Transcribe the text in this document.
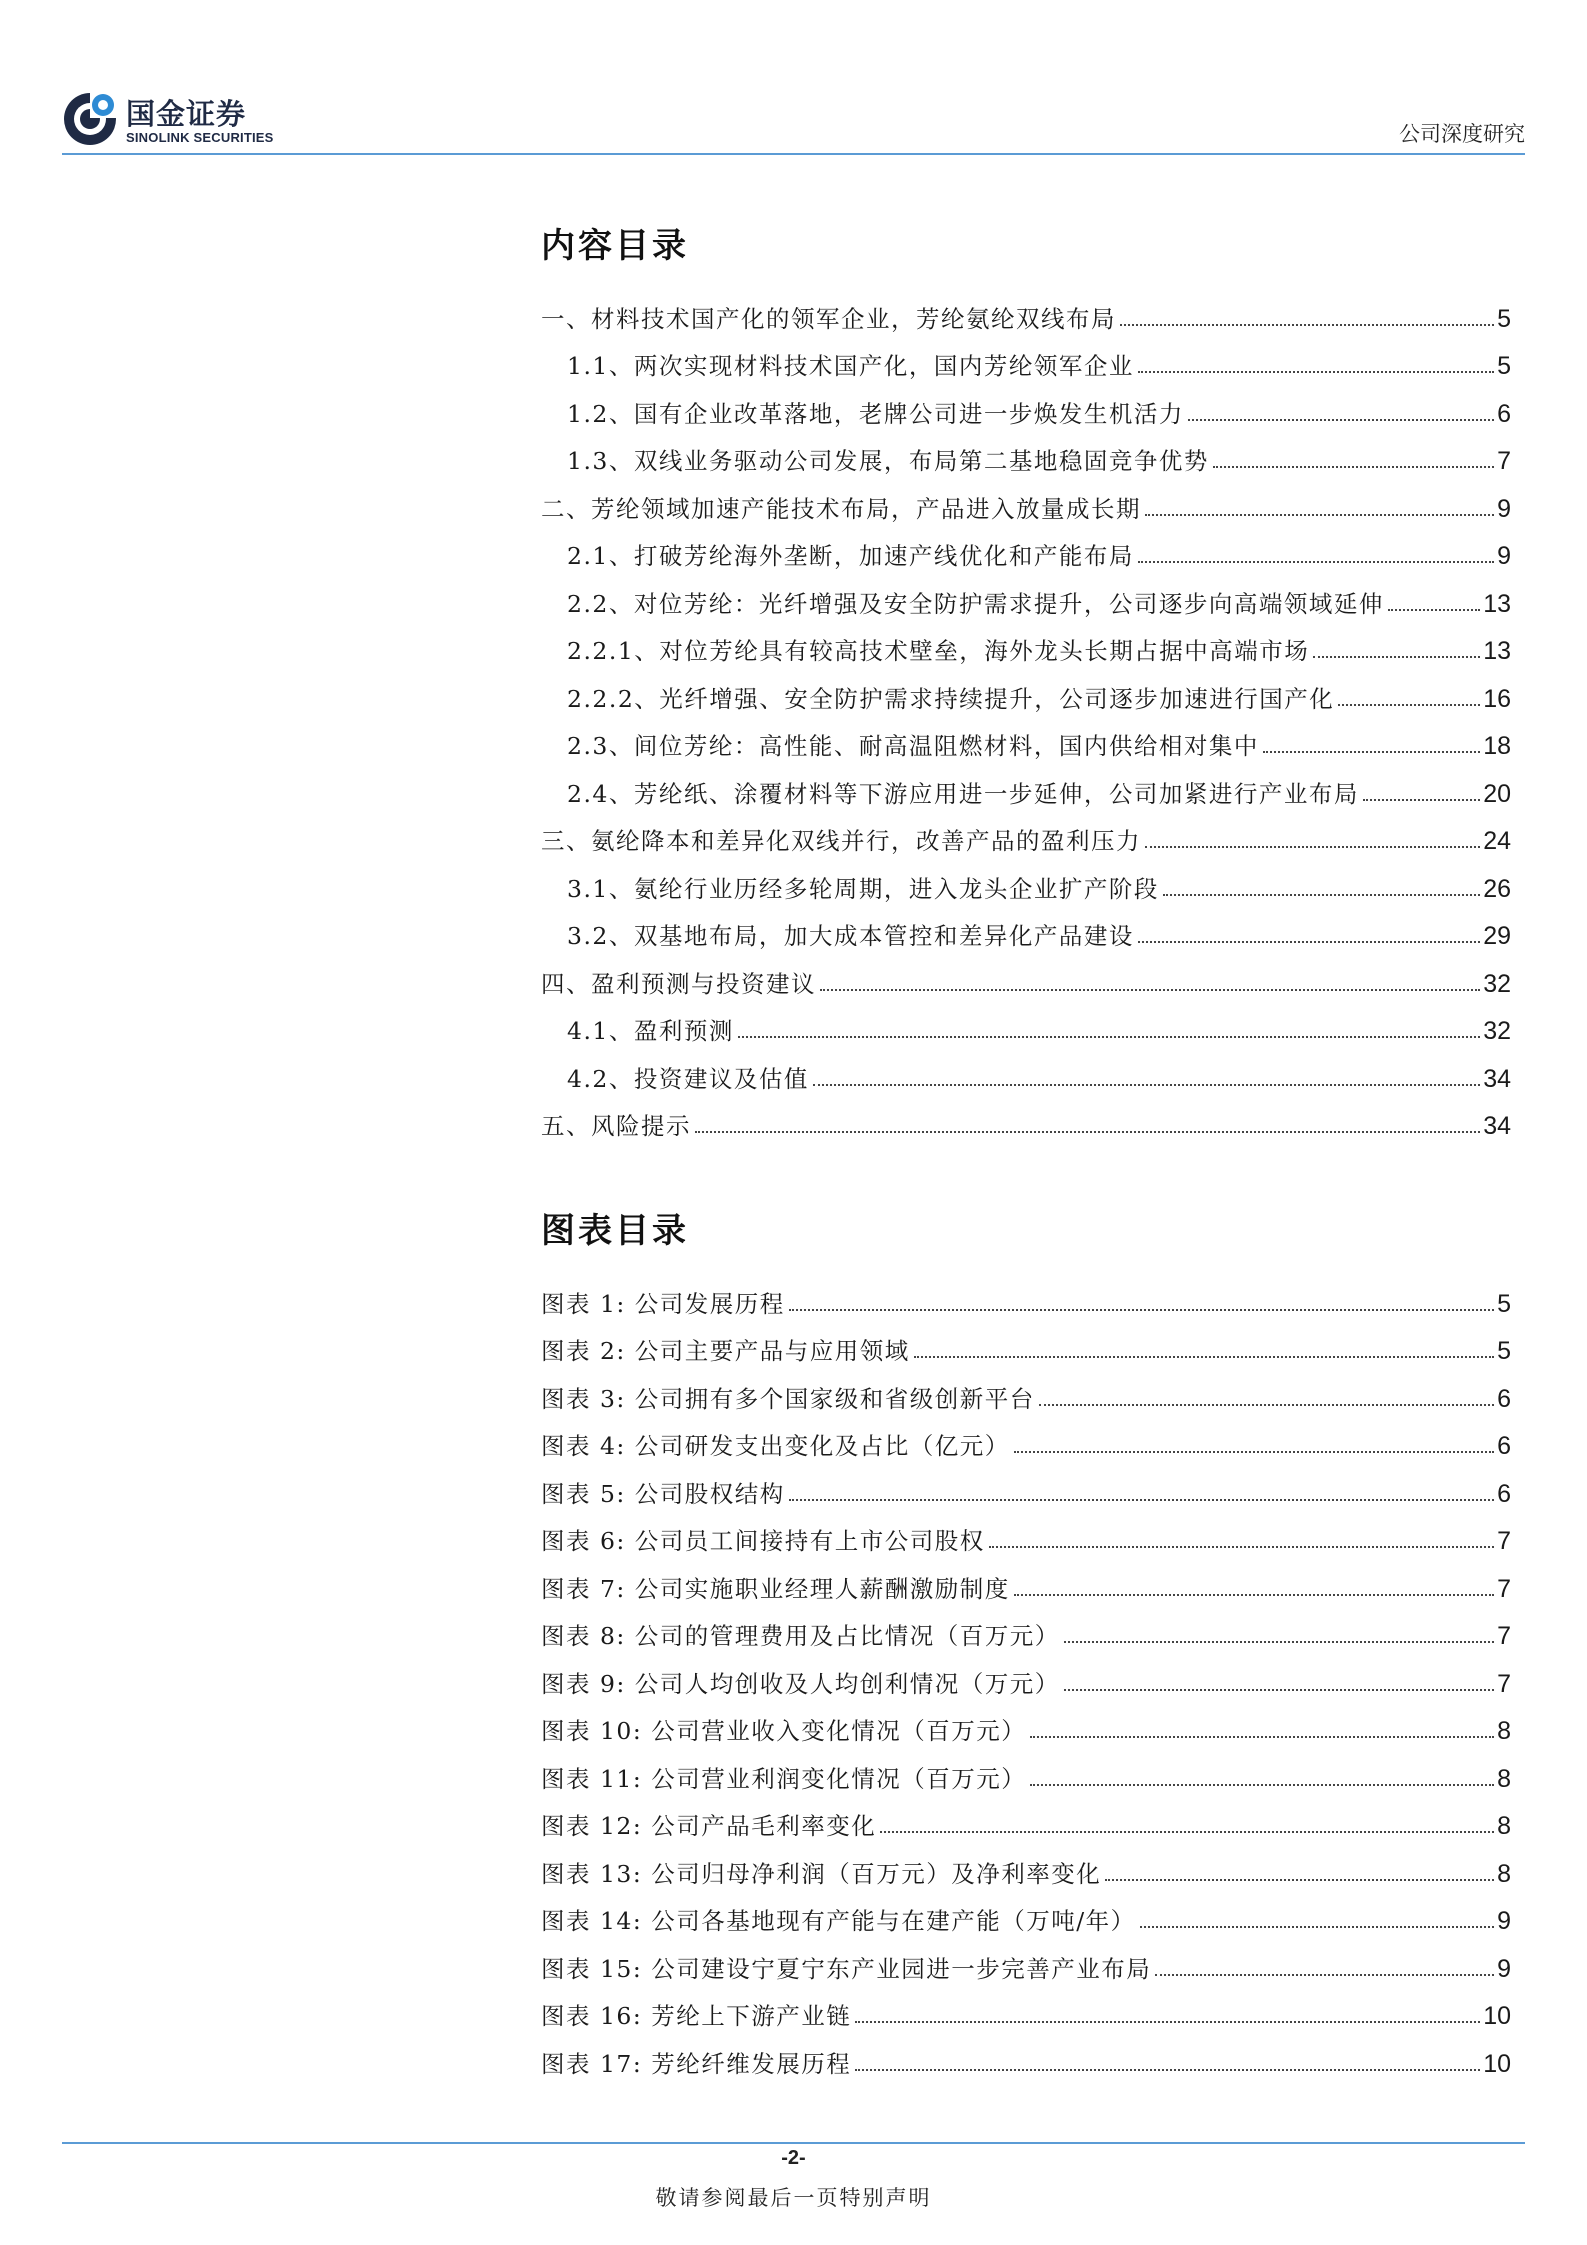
国金证券
SINOLINK SECURITIES	公司深度研究
内容目录
一、材料技术国产化的领军企业，芳纶氨纶双线布局	5
1.1、两次实现材料技术国产化，国内芳纶领军企业	5
1.2、国有企业改革落地，老牌公司进一步焕发生机活力	6
1.3、双线业务驱动公司发展，布局第二基地稳固竞争优势	7
二、芳纶领域加速产能技术布局，产品进入放量成长期	9
2.1、打破芳纶海外垄断，加速产线优化和产能布局	9
2.2、对位芳纶：光纤增强及安全防护需求提升，公司逐步向高端领域延伸	13
2.2.1、对位芳纶具有较高技术壁垒，海外龙头长期占据中高端市场	13
2.2.2、光纤增强、安全防护需求持续提升，公司逐步加速进行国产化	16
2.3、间位芳纶：高性能、耐高温阻燃材料，国内供给相对集中	18
2.4、芳纶纸、涂覆材料等下游应用进一步延伸，公司加紧进行产业布局	20
三、氨纶降本和差异化双线并行，改善产品的盈利压力	24
3.1、氨纶行业历经多轮周期，进入龙头企业扩产阶段	26
3.2、双基地布局，加大成本管控和差异化产品建设	29
四、盈利预测与投资建议	32
4.1、盈利预测	32
4.2、投资建议及估值	34
五、风险提示	34
图表目录
图表 1: 公司发展历程	5
图表 2: 公司主要产品与应用领域	5
图表 3: 公司拥有多个国家级和省级创新平台	6
图表 4: 公司研发支出变化及占比（亿元）	6
图表 5: 公司股权结构	6
图表 6: 公司员工间接持有上市公司股权	7
图表 7: 公司实施职业经理人薪酬激励制度	7
图表 8: 公司的管理费用及占比情况（百万元）	7
图表 9: 公司人均创收及人均创利情况（万元）	7
图表 10: 公司营业收入变化情况（百万元）	8
图表 11: 公司营业利润变化情况（百万元）	8
图表 12: 公司产品毛利率变化	8
图表 13: 公司归母净利润（百万元）及净利率变化	8
图表 14: 公司各基地现有产能与在建产能（万吨/年）	9
图表 15: 公司建设宁夏宁东产业园进一步完善产业布局	9
图表 16: 芳纶上下游产业链	10
图表 17: 芳纶纤维发展历程	10
-2-
敬请参阅最后一页特别声明
